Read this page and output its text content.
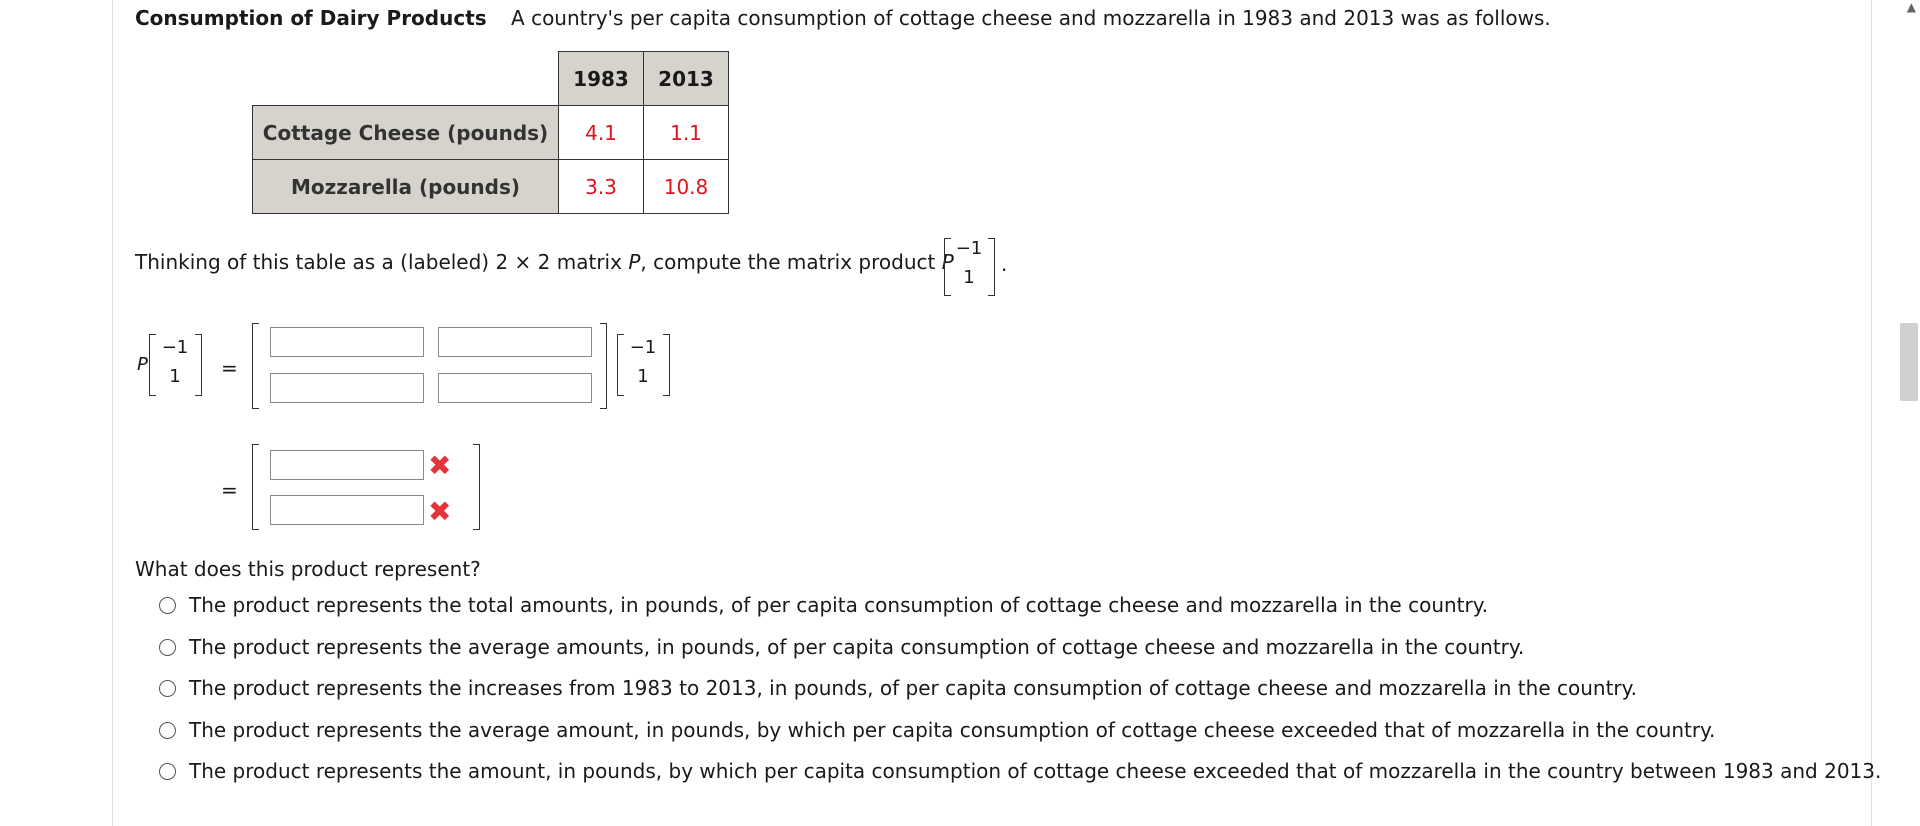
Consumption of Dairy Products A country's per capita consumption of cottage cheese and mozzarella in 1983 and 2013 was as follows.
	1983	2013
Cottage Cheese (pounds)	4.1	1.1
Mozzarella (pounds)	3.3	10.8
Thinking of this table as a (labeled) 2 × 2 matrix P, compute the matrix product P
−1
1
.
P
−1
1	=
−1
1
=
✖
✖
What does this product represent?
The product represents the total amounts, in pounds, of per capita consumption of cottage cheese and mozzarella in the country.
The product represents the average amounts, in pounds, of per capita consumption of cottage cheese and mozzarella in the country.
The product represents the increases from 1983 to 2013, in pounds, of per capita consumption of cottage cheese and mozzarella in the country.
The product represents the average amount, in pounds, by which per capita consumption of cottage cheese exceeded that of mozzarella in the country.
The product represents the amount, in pounds, by which per capita consumption of cottage cheese exceeded that of mozzarella in the country between 1983 and 2013.
▲
